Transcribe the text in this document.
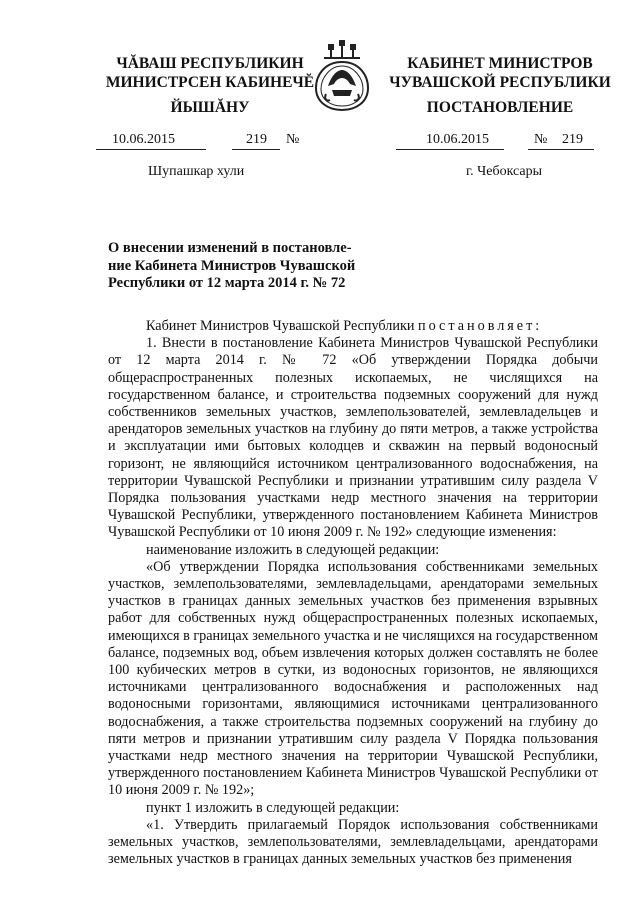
ЧĂВАШ РЕСПУБЛИКИН
МИНИСТРСЕН КАБИНЕЧĔ
ЙЫШĂНУ
КАБИНЕТ МИНИСТРОВ
ЧУВАШСКОЙ РЕСПУБЛИКИ
ПОСТАНОВЛЕНИЕ
10.06.2015	219 №	10.06.2015	№ 219
Шупашкар хули	г. Чебоксары
О внесении изменений в постановле-
ние Кабинета Министров Чувашской
Республики от 12 марта 2014 г. № 72

Кабинет Министров Чувашской Республики постановляет:

1. Внести в постановление Кабинета Министров Чувашской Республики от 12 марта 2014 г. № 72 «Об утверждении Порядка добычи общераспространенных полезных ископаемых, не числящихся на государственном балансе, и строительства подземных сооружений для нужд собственников земельных участков, землепользователей, землевладельцев и арендаторов земельных участков на глубину до пяти метров, а также устройства и эксплуатации ими бытовых колодцев и скважин на первый водоносный горизонт, не являющийся источником централизованного водоснабжения, на территории Чувашской Республики и признании утратившим силу раздела V Порядка пользования участками недр местного значения на территории Чувашской Республики, утвержденного постановлением Кабинета Министров Чувашской Республики от 10 июня 2009 г. № 192» следующие изменения:

наименование изложить в следующей редакции:

«Об утверждении Порядка использования собственниками земельных участков, землепользователями, землевладельцами, арендаторами земельных участков в границах данных земельных участков без применения взрывных работ для собственных нужд общераспространенных полезных ископаемых, имеющихся в границах земельного участка и не числящихся на государственном балансе, подземных вод, объем извлечения которых должен составлять не более 100 кубических метров в сутки, из водоносных горизонтов, не являющихся источниками централизованного водоснабжения и расположенных над водоносными горизонтами, являющимися источниками централизованного водоснабжения, а также строительства подземных сооружений на глубину до пяти метров и признании утратившим силу раздела V Порядка пользования участками недр местного значения на территории Чувашской Республики, утвержденного постановлением Кабинета Министров Чувашской Республики от 10 июня 2009 г. № 192»;

пункт 1 изложить в следующей редакции:

«1. Утвердить прилагаемый Порядок использования собственниками земельных участков, землепользователями, землевладельцами, арендаторами земельных участков в границах данных земельных участков без применения
